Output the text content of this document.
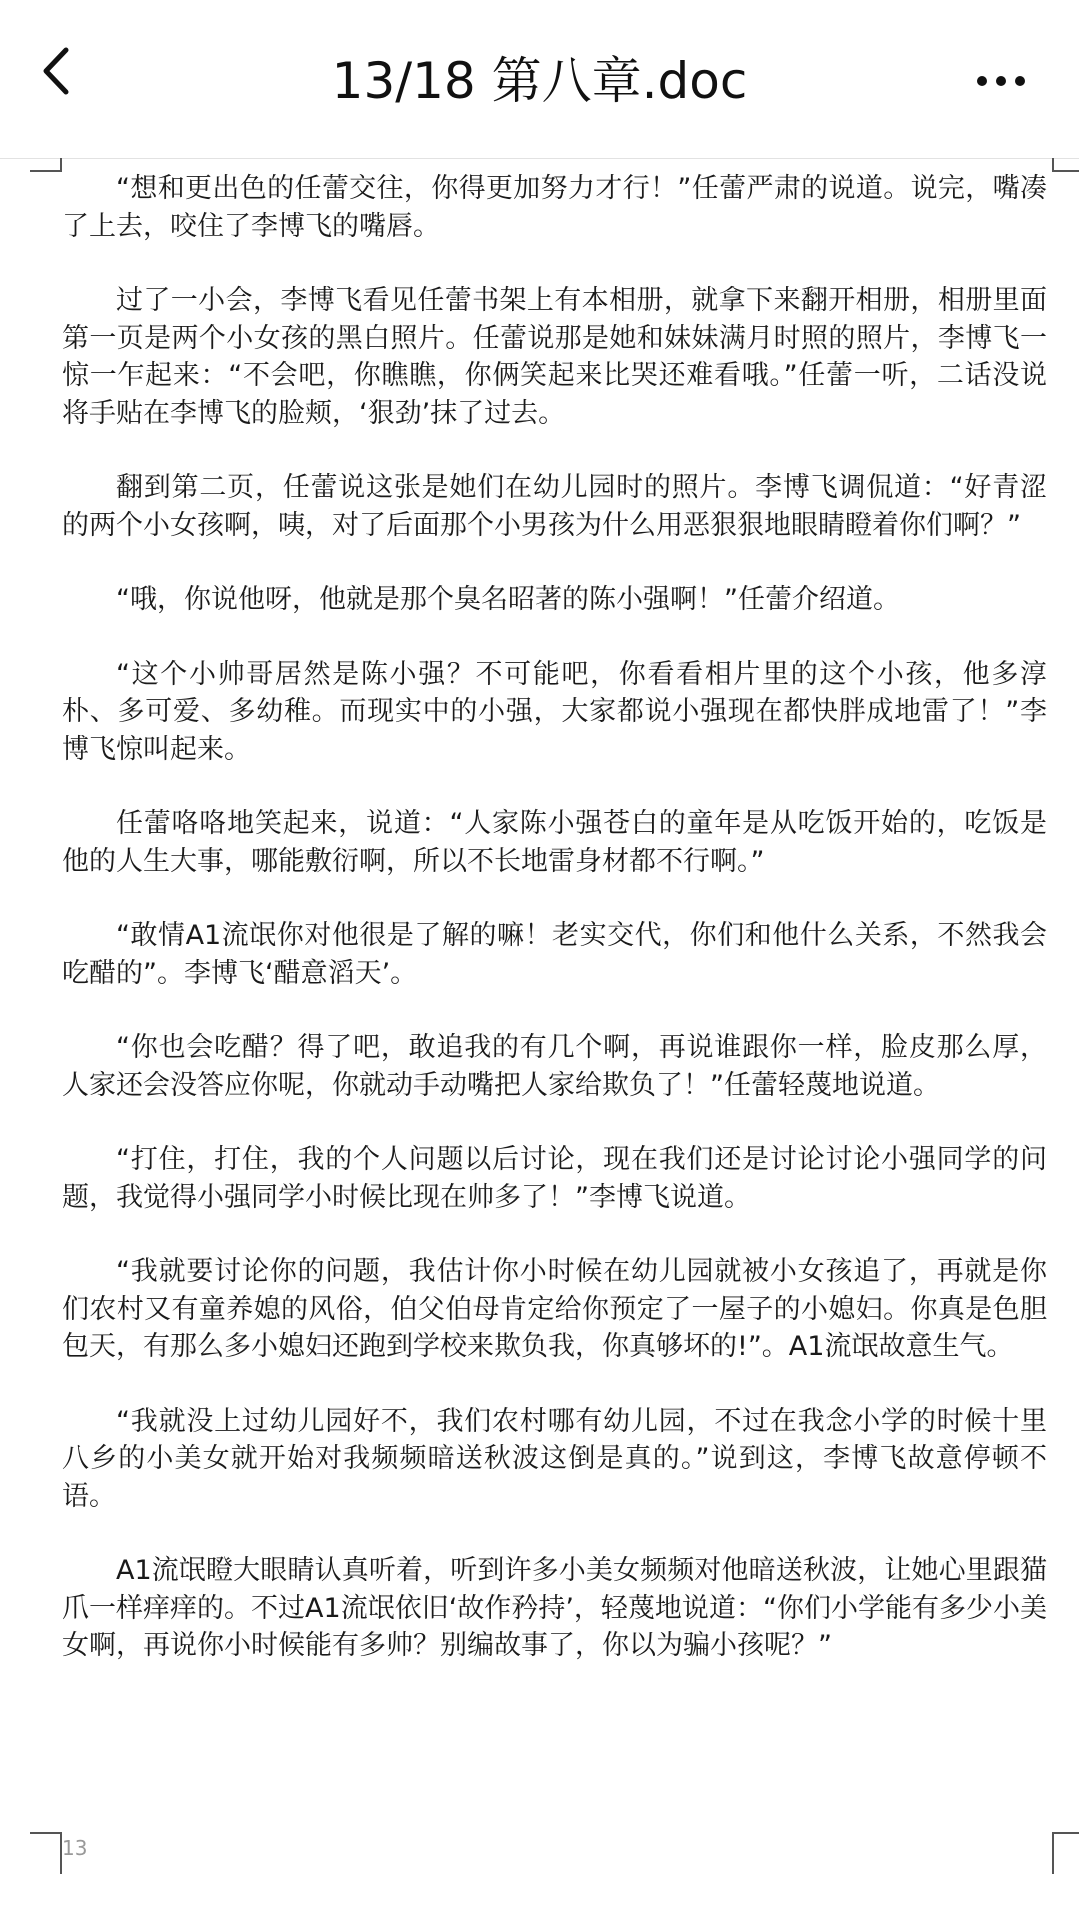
13/18 第八章.doc

“想和更出色的任蕾交往，你得更加努力才行！”任蕾严肃的说道。说完，嘴凑了上去，咬住了李博飞的嘴唇。

过了一小会，李博飞看见任蕾书架上有本相册，就拿下来翻开相册，相册里面第一页是两个小女孩的黑白照片。任蕾说那是她和妹妹满月时照的照片，李博飞一惊一乍起来：“不会吧，你瞧瞧，你俩笑起来比哭还难看哦。”任蕾一听，二话没说将手贴在李博飞的脸颊，‘狠劲’抹了过去。

翻到第二页，任蕾说这张是她们在幼儿园时的照片。李博飞调侃道：“好青涩的两个小女孩啊，咦，对了后面那个小男孩为什么用恶狠狠地眼睛瞪着你们啊？”

“哦，你说他呀，他就是那个臭名昭著的陈小强啊！”任蕾介绍道。

“这个小帅哥居然是陈小强？不可能吧，你看看相片里的这个小孩，他多淳朴、多可爱、多幼稚。而现实中的小强，大家都说小强现在都快胖成地雷了！”李博飞惊叫起来。

任蕾咯咯地笑起来，说道：“人家陈小强苍白的童年是从吃饭开始的，吃饭是他的人生大事，哪能敷衍啊，所以不长地雷身材都不行啊。”

“敢情A1流氓你对他很是了解的嘛！老实交代，你们和他什么关系，不然我会吃醋的”。李博飞‘醋意滔天’。

“你也会吃醋？得了吧，敢追我的有几个啊，再说谁跟你一样，脸皮那么厚，人家还会没答应你呢，你就动手动嘴把人家给欺负了！”任蕾轻蔑地说道。

“打住，打住，我的个人问题以后讨论，现在我们还是讨论讨论小强同学的问题，我觉得小强同学小时候比现在帅多了！”李博飞说道。

“我就要讨论你的问题，我估计你小时候在幼儿园就被小女孩追了，再就是你们农村又有童养媳的风俗，伯父伯母肯定给你预定了一屋子的小媳妇。你真是色胆包天，有那么多小媳妇还跑到学校来欺负我，你真够坏的!”。A1流氓故意生气。

“我就没上过幼儿园好不，我们农村哪有幼儿园，不过在我念小学的时候十里八乡的小美女就开始对我频频暗送秋波这倒是真的。”说到这，李博飞故意停顿不语。

A1流氓瞪大眼睛认真听着，听到许多小美女频频对他暗送秋波，让她心里跟猫爪一样痒痒的。不过A1流氓依旧‘故作矜持’，轻蔑地说道：“你们小学能有多少小美女啊，再说你小时候能有多帅？别编故事了，你以为骗小孩呢？”

13
